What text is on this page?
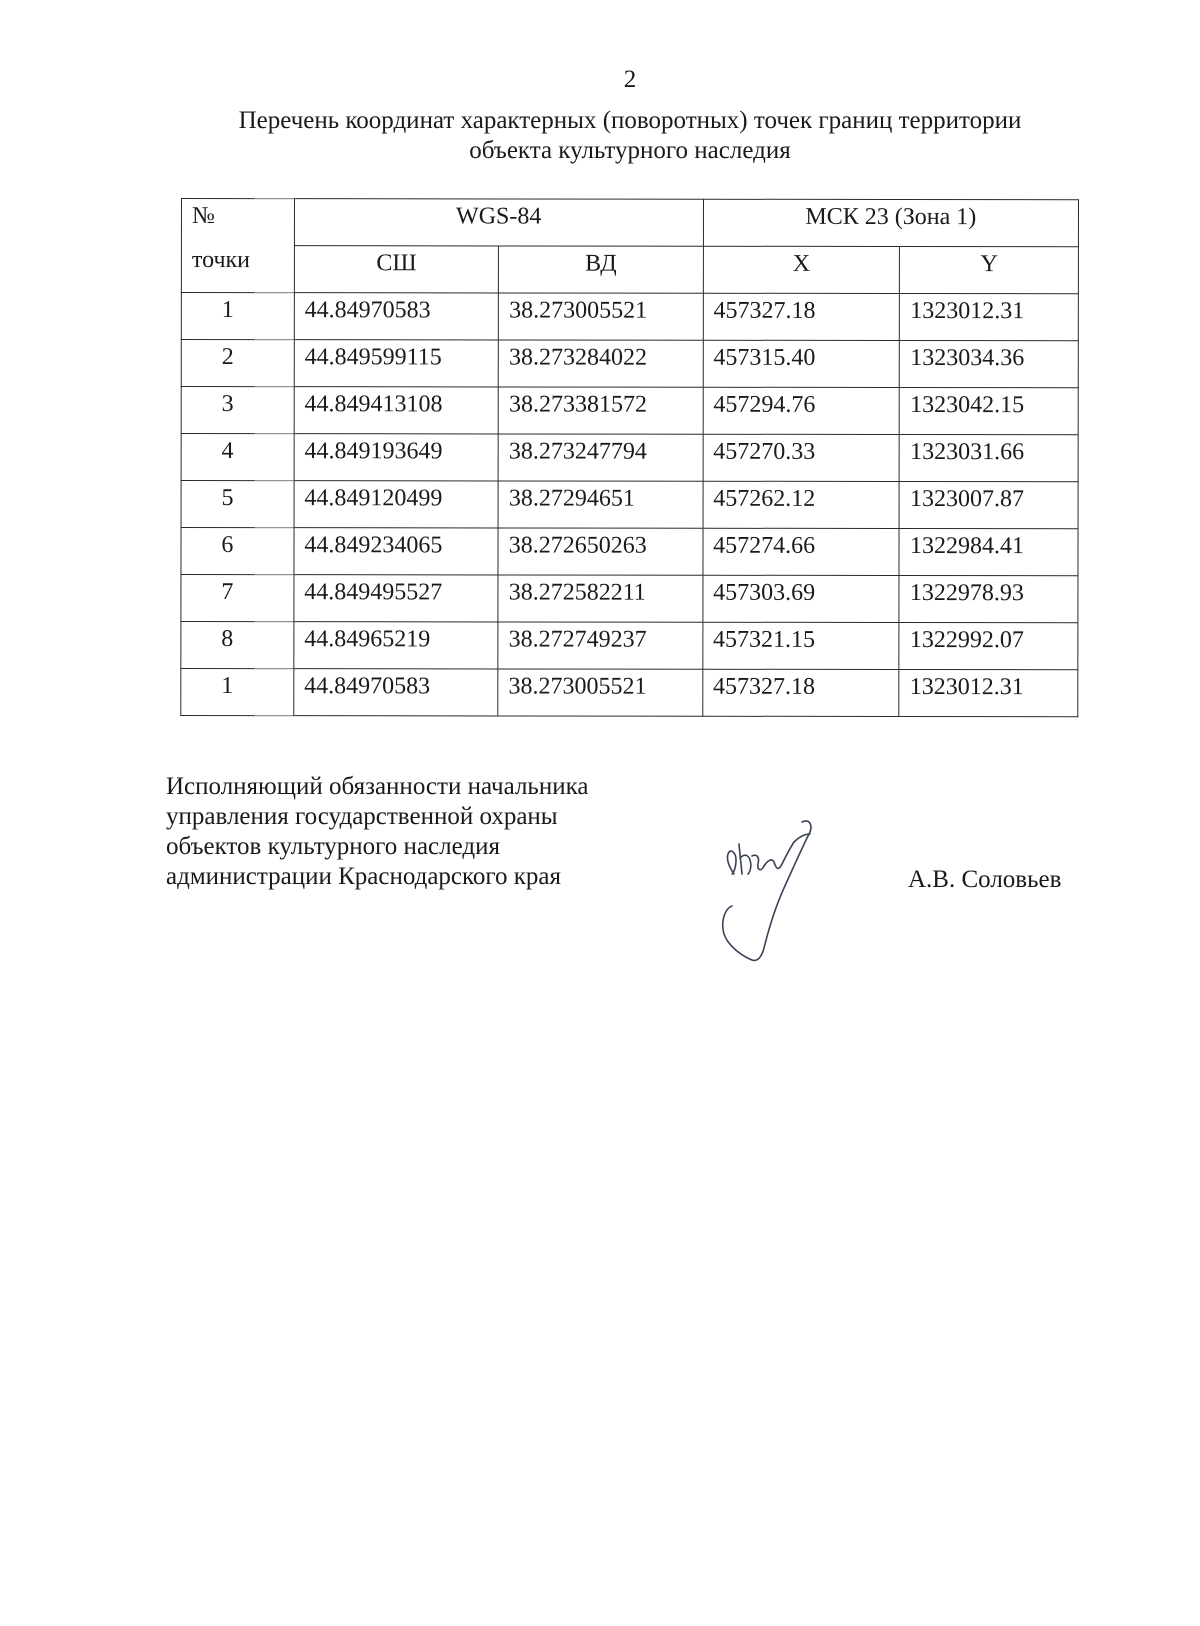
2
Перечень координат характерных (поворотных) точек границ территории
объекта культурного наследия
№
точки	WGS-84		МСК 23 (Зона 1)	
	СШ	ВД	X	Y
1	44.84970583	38.273005521	457327.18	1323012.31
2	44.849599115	38.273284022	457315.40	1323034.36
3	44.849413108	38.273381572	457294.76	1323042.15
4	44.849193649	38.273247794	457270.33	1323031.66
5	44.849120499	38.27294651	457262.12	1323007.87
6	44.849234065	38.272650263	457274.66	1322984.41
7	44.849495527	38.272582211	457303.69	1322978.93
8	44.84965219	38.272749237	457321.15	1322992.07
1	44.84970583	38.273005521	457327.18	1323012.31
Исполняющий обязанности начальника
управления государственной охраны
объектов культурного наследия
администрации Краснодарского края	А.В. Соловьев
